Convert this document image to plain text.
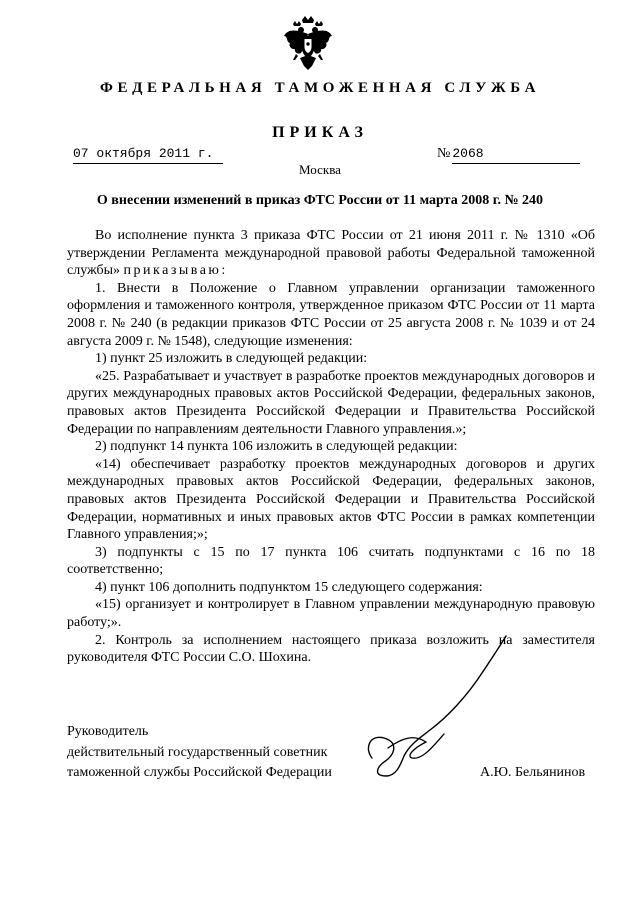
ФЕДЕРАЛЬНАЯ ТАМОЖЕННАЯ СЛУЖБА
ПРИКАЗ
07 октября 2011 г.	№ 2068
Москва
О внесении изменений в приказ ФТС России от 11 марта 2008 г. № 240

Во исполнение пункта 3 приказа ФТС России от 21 июня 2011 г. № 1310 «Об утверждении Регламента международной правовой работы Федеральной таможенной службы» приказываю:

1. Внести в Положение о Главном управлении организации таможенного оформления и таможенного контроля, утвержденное приказом ФТС России от 11 марта 2008 г. № 240 (в редакции приказов ФТС России от 25 августа 2008 г. № 1039 и от 24 августа 2009 г. № 1548), следующие изменения:

1) пункт 25 изложить в следующей редакции:

«25. Разрабатывает и участвует в разработке проектов международных договоров и других международных правовых актов Российской Федерации, федеральных законов, правовых актов Президента Российской Федерации и Правительства Российской Федерации по направлениям деятельности Главного управления.»;

2) подпункт 14 пункта 106 изложить в следующей редакции:

«14) обеспечивает разработку проектов международных договоров и других международных правовых актов Российской Федерации, федеральных законов, правовых актов Президента Российской Федерации и Правительства Российской Федерации, нормативных и иных правовых актов ФТС России в рамках компетенции Главного управления;»;

3) подпункты с 15 по 17 пункта 106 считать подпунктами с 16 по 18 соответственно;

4) пункт 106 дополнить подпунктом 15 следующего содержания:

«15) организует и контролирует в Главном управлении международную правовую работу;».

2. Контроль за исполнением настоящего приказа возложить на заместителя руководителя ФТС России С.О. Шохина.

Руководитель
действительный государственный советник
таможенной службы Российской Федерации	А.Ю. Бельянинов
